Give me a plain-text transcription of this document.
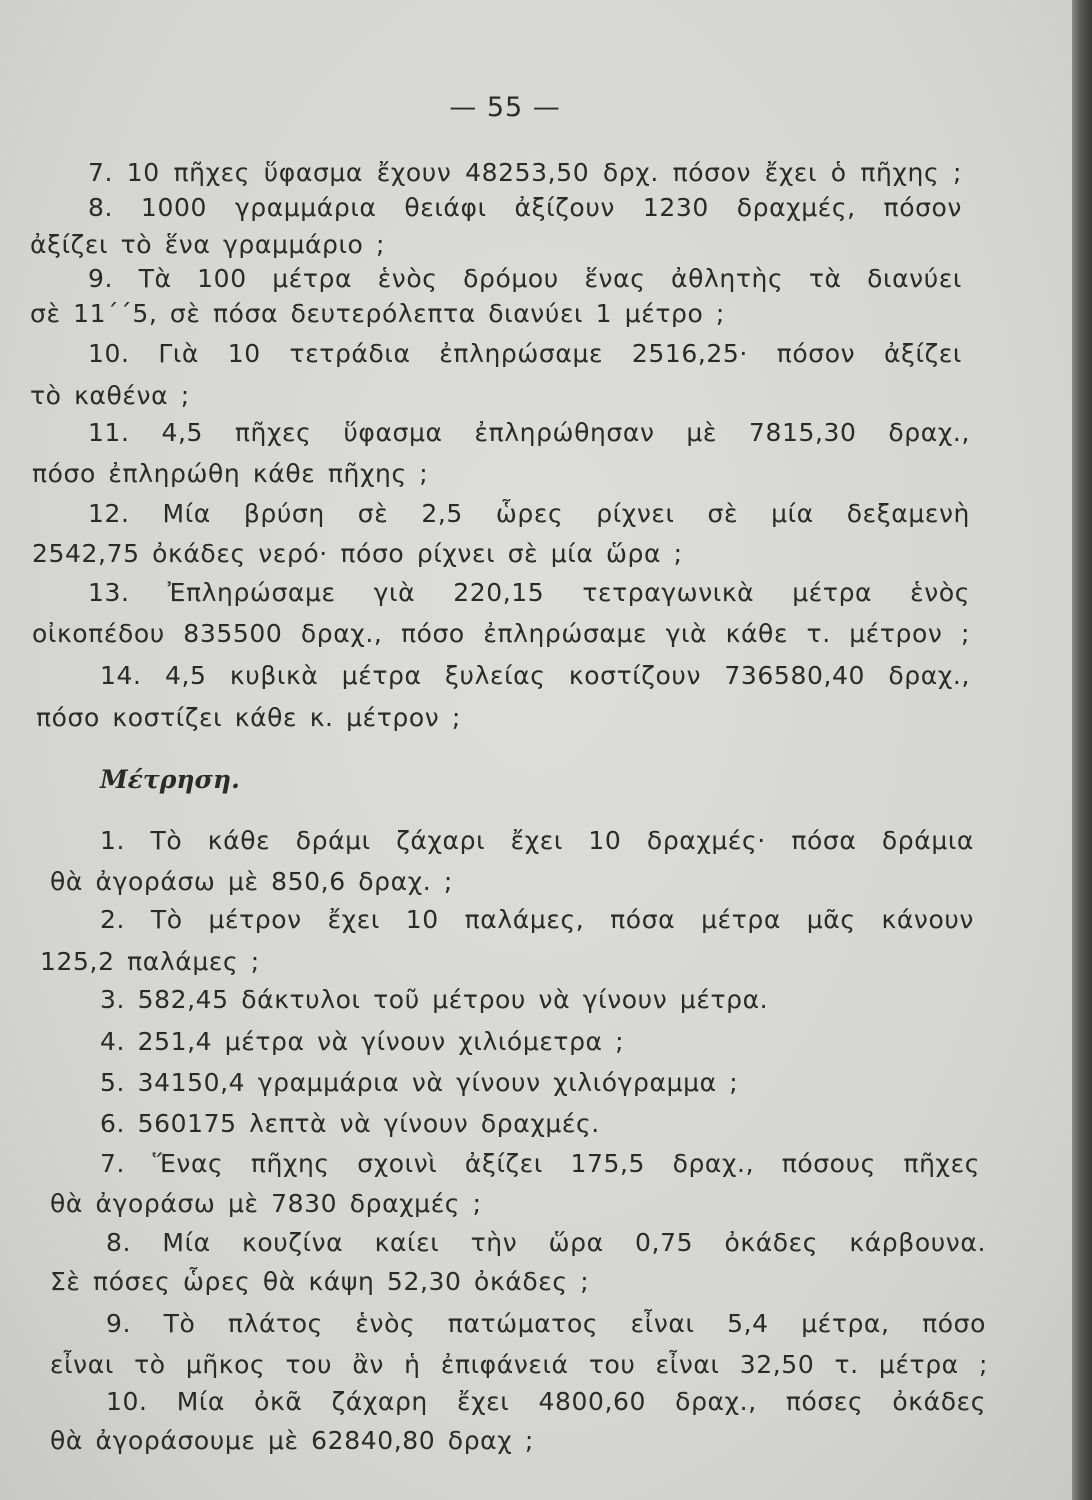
— 55 —
7. 10 πῆχες ὕφασμα ἔχουν 48253,50 δρχ. πόσον ἔχει ὁ πῆχης ;
8. 1000 γραμμάρια θειάφι ἀξίζουν 1230 δραχμές, πόσον
ἀξίζει τὸ ἕνα γραμμάριο ;
9. Τὰ 100 μέτρα ἑνὸς δρόμου ἕνας ἀθλητὴς τὰ διανύει
σὲ 11΄΄5, σὲ πόσα δευτερόλεπτα διανύει 1 μέτρο ;
10. Γιὰ 10 τετράδια ἐπληρώσαμε 2516,25· πόσον ἀξίζει
τὸ καθένα ;
11. 4,5 πῆχες ὕφασμα ἐπληρώθησαν μὲ 7815,30 δραχ.,
πόσο ἐπληρώθη κάθε πῆχης ;
12. Μία βρύση σὲ 2,5 ὧρες ρίχνει σὲ μία δεξαμενὴ
2542,75 ὀκάδες νερό· πόσο ρίχνει σὲ μία ὥρα ;
13. Ἐπληρώσαμε γιὰ 220,15 τετραγωνικὰ μέτρα ἑνὸς
οἰκοπέδου 835500 δραχ., πόσο ἐπληρώσαμε γιὰ κάθε τ. μέτρον ;
14. 4,5 κυβικὰ μέτρα ξυλείας κοστίζουν 736580,40 δραχ.,
πόσο κοστίζει κάθε κ. μέτρον ;
Μέτρηση.
1. Τὸ κάθε δράμι ζάχαρι ἔχει 10 δραχμές· πόσα δράμια
θὰ ἀγοράσω μὲ 850,6 δραχ. ;
2. Τὸ μέτρον ἔχει 10 παλάμες, πόσα μέτρα μᾶς κάνουν
125,2 παλάμες ;
3. 582,45 δάκτυλοι τοῦ μέτρου νὰ γίνουν μέτρα.
4. 251,4 μέτρα νὰ γίνουν χιλιόμετρα ;
5. 34150,4 γραμμάρια νὰ γίνουν χιλιόγραμμα ;
6. 560175 λεπτὰ νὰ γίνουν δραχμές.
7. Ἕνας πῆχης σχοινὶ ἀξίζει 175,5 δραχ., πόσους πῆχες
θὰ ἀγοράσω μὲ 7830 δραχμές ;
8. Μία κουζίνα καίει τὴν ὥρα 0,75 ὀκάδες κάρβουνα.
Σὲ πόσες ὧρες θὰ κάψη 52,30 ὀκάδες ;
9. Τὸ πλάτος ἑνὸς πατώματος εἶναι 5,4 μέτρα, πόσο
εἶναι τὸ μῆκος του ἂν ἡ ἐπιφάνειά του εἶναι 32,50 τ. μέτρα ;
10. Μία ὀκᾶ ζάχαρη ἔχει 4800,60 δραχ., πόσες ὀκάδες
θὰ ἀγοράσουμε μὲ 62840,80 δραχ ;
